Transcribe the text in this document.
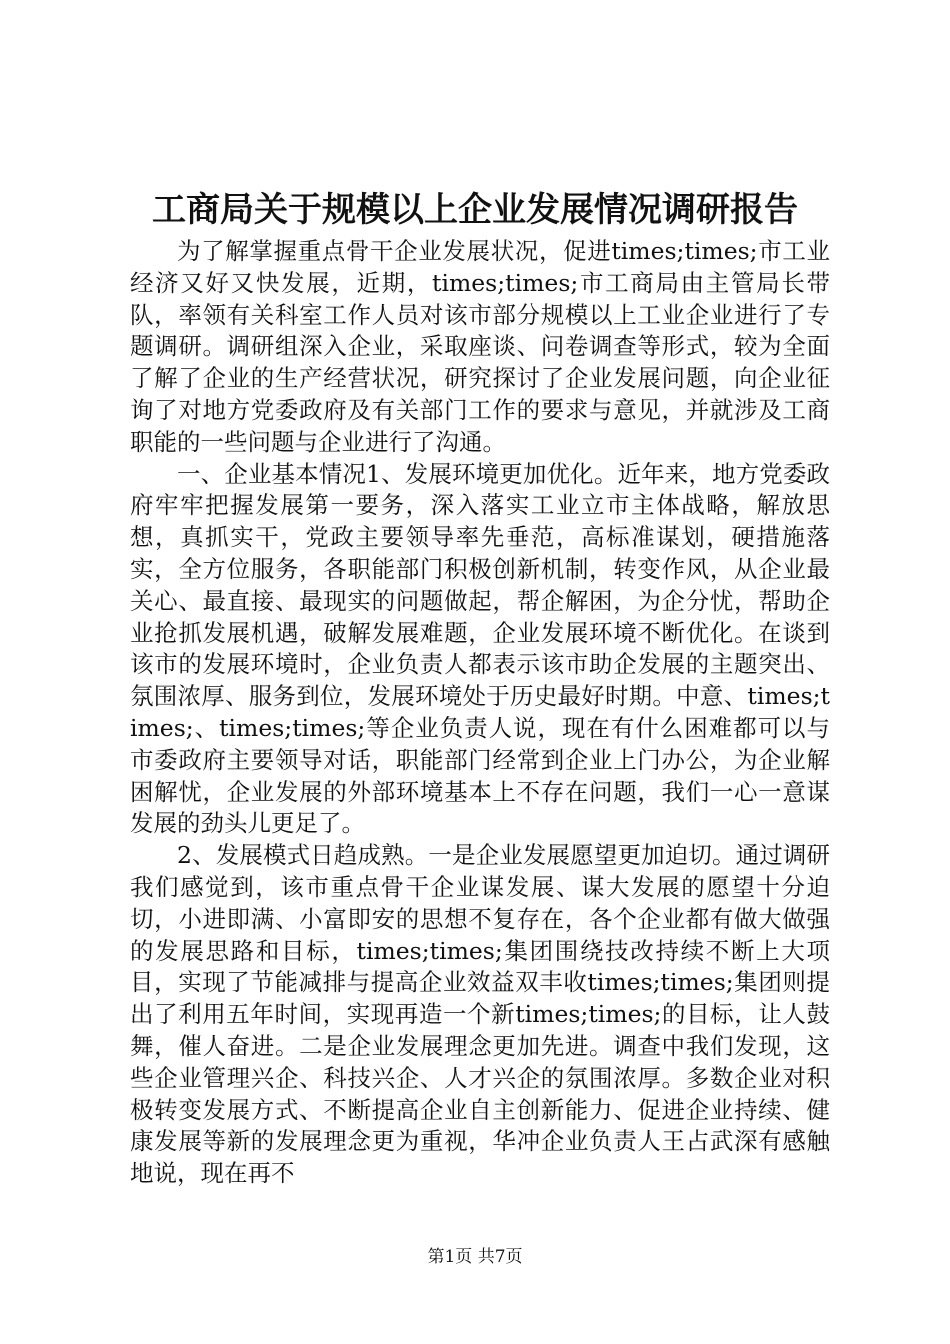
工商局关于规模以上企业发展情况调研报告

为了解掌握重点骨干企业发展状况，促进times;times;市工业经济又好又快发展，近期，times;times;市工商局由主管局长带队，率领有关科室工作人员对该市部分规模以上工业企业进行了专题调研。调研组深入企业，采取座谈、问卷调查等形式，较为全面了解了企业的生产经营状况，研究探讨了企业发展问题，向企业征询了对地方党委政府及有关部门工作的要求与意见，并就涉及工商职能的一些问题与企业进行了沟通。

一、企业基本情况1、发展环境更加优化。近年来，地方党委政府牢牢把握发展第一要务，深入落实工业立市主体战略，解放思想，真抓实干，党政主要领导率先垂范，高标准谋划，硬措施落实，全方位服务，各职能部门积极创新机制，转变作风，从企业最关心、最直接、最现实的问题做起，帮企解困，为企分忧，帮助企业抢抓发展机遇，破解发展难题，企业发展环境不断优化。在谈到该市的发展环境时，企业负责人都表示该市助企发展的主题突出、氛围浓厚、服务到位，发展环境处于历史最好时期。中意、times;times;、times;times;等企业负责人说，现在有什么困难都可以与市委政府主要领导对话，职能部门经常到企业上门办公，为企业解困解忧，企业发展的外部环境基本上不存在问题，我们一心一意谋发展的劲头儿更足了。

2、发展模式日趋成熟。一是企业发展愿望更加迫切。通过调研我们感觉到，该市重点骨干企业谋发展、谋大发展的愿望十分迫切，小进即满、小富即安的思想不复存在，各个企业都有做大做强的发展思路和目标，times;times;集团围绕技改持续不断上大项目，实现了节能减排与提高企业效益双丰收times;times;集团则提出了利用五年时间，实现再造一个新times;times;的目标，让人鼓舞，催人奋进。二是企业发展理念更加先进。调查中我们发现，这些企业管理兴企、科技兴企、人才兴企的氛围浓厚。多数企业对积极转变发展方式、不断提高企业自主创新能力、促进企业持续、健康发展等新的发展理念更为重视，华冲企业负责人王占武深有感触地说，现在再不

第1页 共7页
